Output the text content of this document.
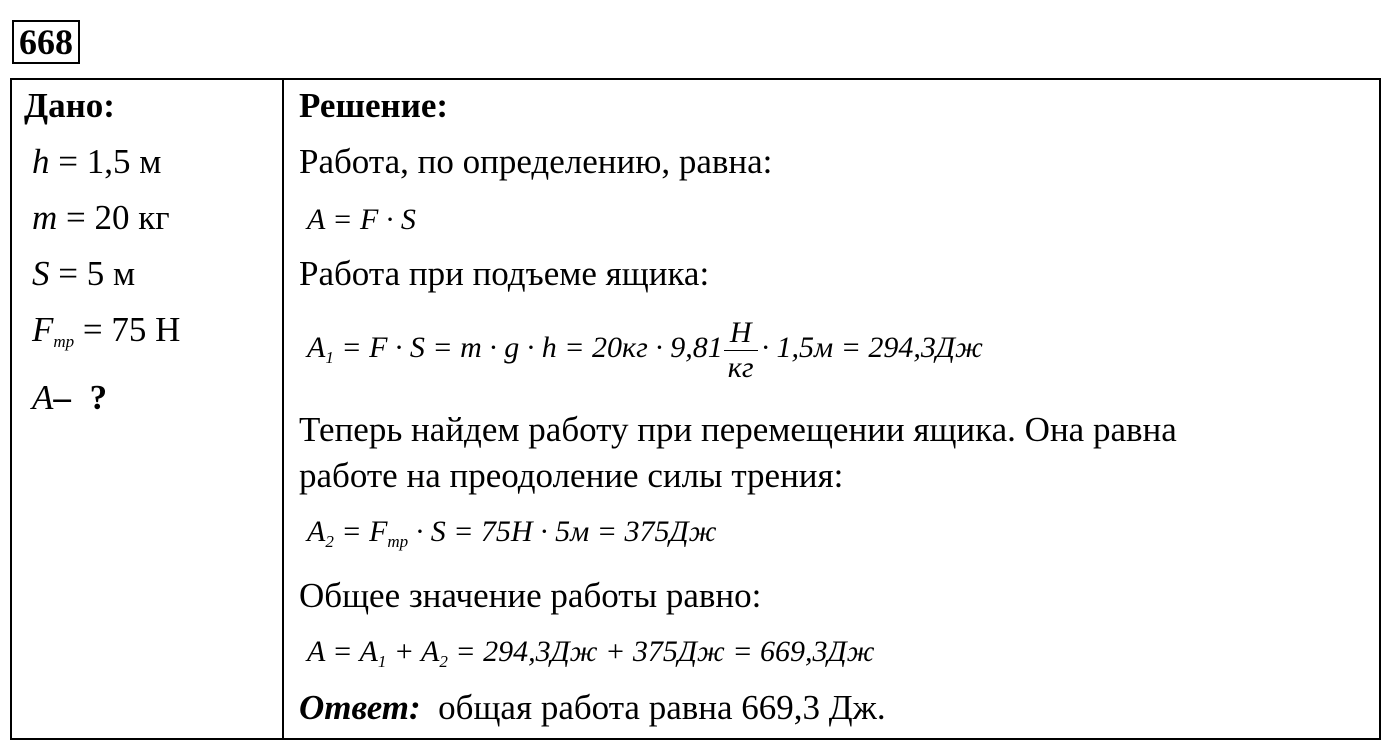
668
Дано:
h = 1,5 м
m = 20 кг
S = 5 м
$F_{тр} = 75$ Н
A– ?
Решение:
Работа, по определению, равна:
A = F · S
Работа при подъеме ящика:
$A_1 = F \cdot S = m \cdot g \cdot h = 20кг \cdot 9,81 \frac{Н}{кг} \cdot 1,5м = 294,3Дж$
Теперь найдем работу при перемещении ящика. Она равна
работе на преодоление силы трения:
$A_2 = F_{тр} \cdot S = 75Н \cdot 5м = 375Дж$
Общее значение работы равно:
$A = A_1 + A_2 = 294,3Дж + 375Дж = 669,3Дж$
Ответ: общая работа равна 669,3 Дж.
